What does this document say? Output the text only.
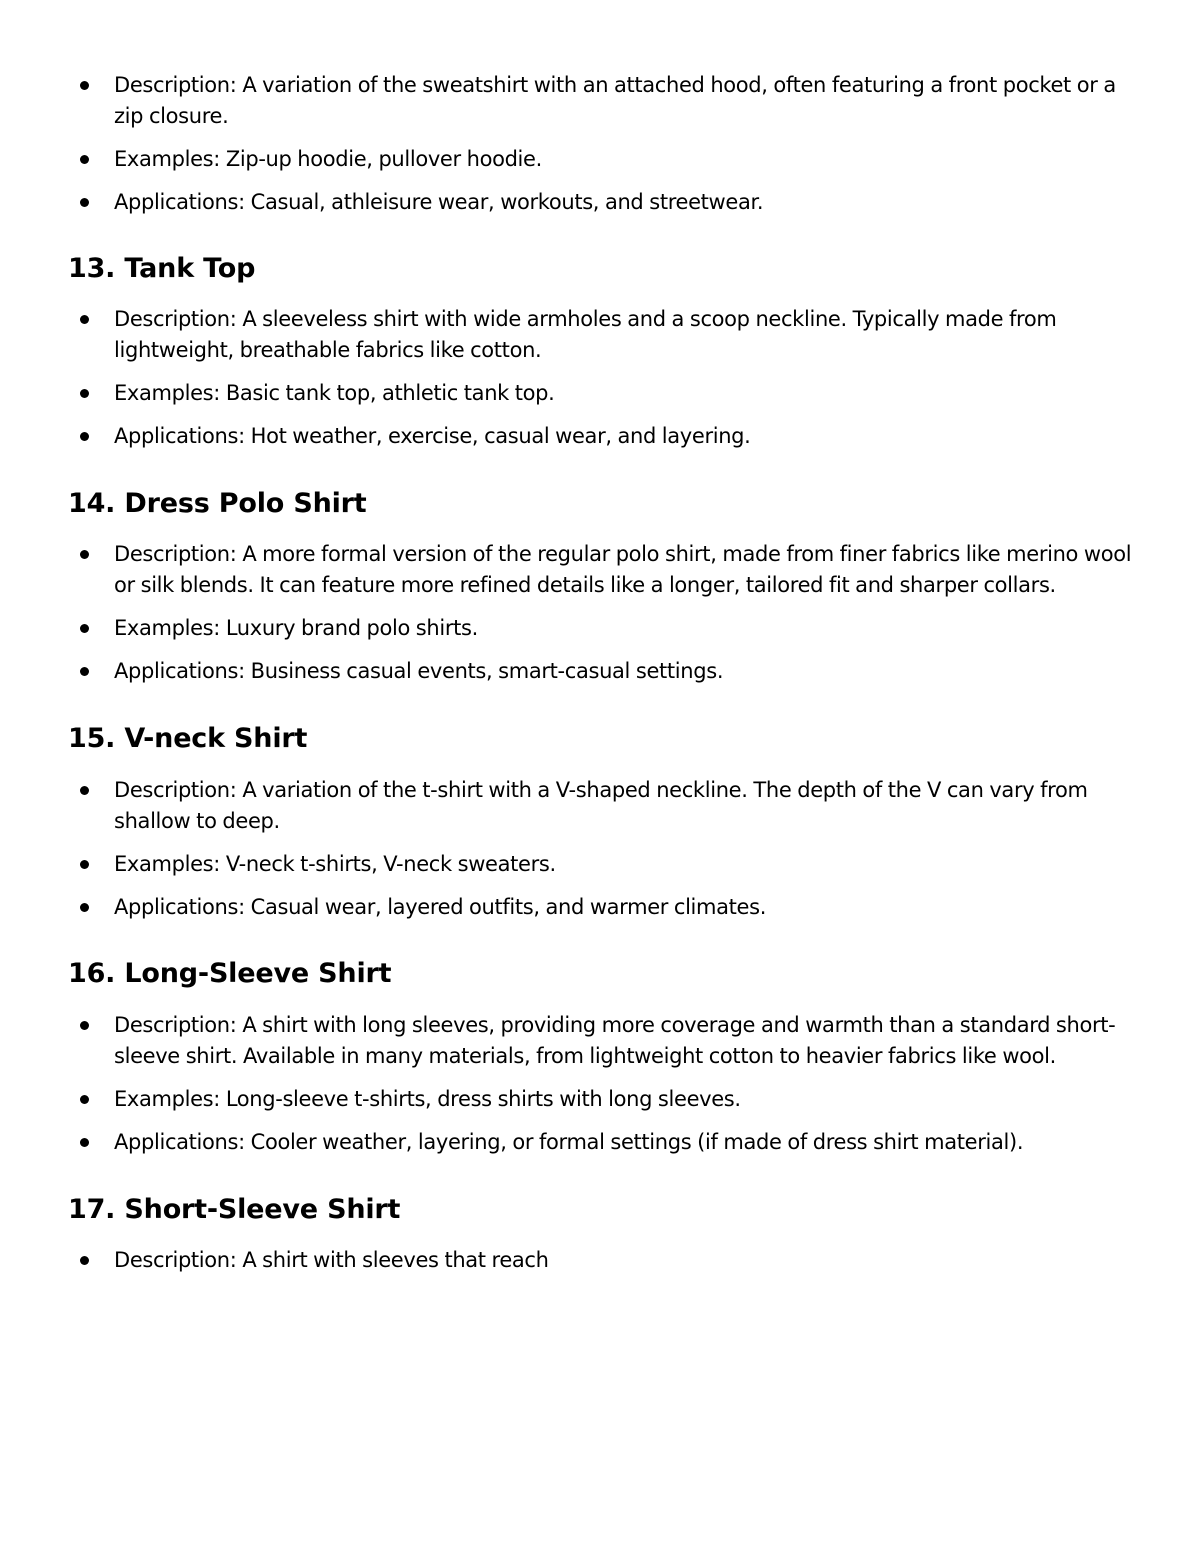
Description: A variation of the sweatshirt with an attached hood, often featuring a front pocket or a zip closure.
Examples: Zip-up hoodie, pullover hoodie.
Applications: Casual, athleisure wear, workouts, and streetwear.
13. Tank Top
Description: A sleeveless shirt with wide armholes and a scoop neckline. Typically made from lightweight, breathable fabrics like cotton.
Examples: Basic tank top, athletic tank top.
Applications: Hot weather, exercise, casual wear, and layering.
14. Dress Polo Shirt
Description: A more formal version of the regular polo shirt, made from finer fabrics like merino wool or silk blends. It can feature more refined details like a longer, tailored fit and sharper collars.
Examples: Luxury brand polo shirts.
Applications: Business casual events, smart-casual settings.
15. V-neck Shirt
Description: A variation of the t-shirt with a V-shaped neckline. The depth of the V can vary from shallow to deep.
Examples: V-neck t-shirts, V-neck sweaters.
Applications: Casual wear, layered outfits, and warmer climates.
16. Long-Sleeve Shirt
Description: A shirt with long sleeves, providing more coverage and warmth than a standard short-sleeve shirt. Available in many materials, from lightweight cotton to heavier fabrics like wool.
Examples: Long-sleeve t-shirts, dress shirts with long sleeves.
Applications: Cooler weather, layering, or formal settings (if made of dress shirt material).
17. Short-Sleeve Shirt
Description: A shirt with sleeves that reach
